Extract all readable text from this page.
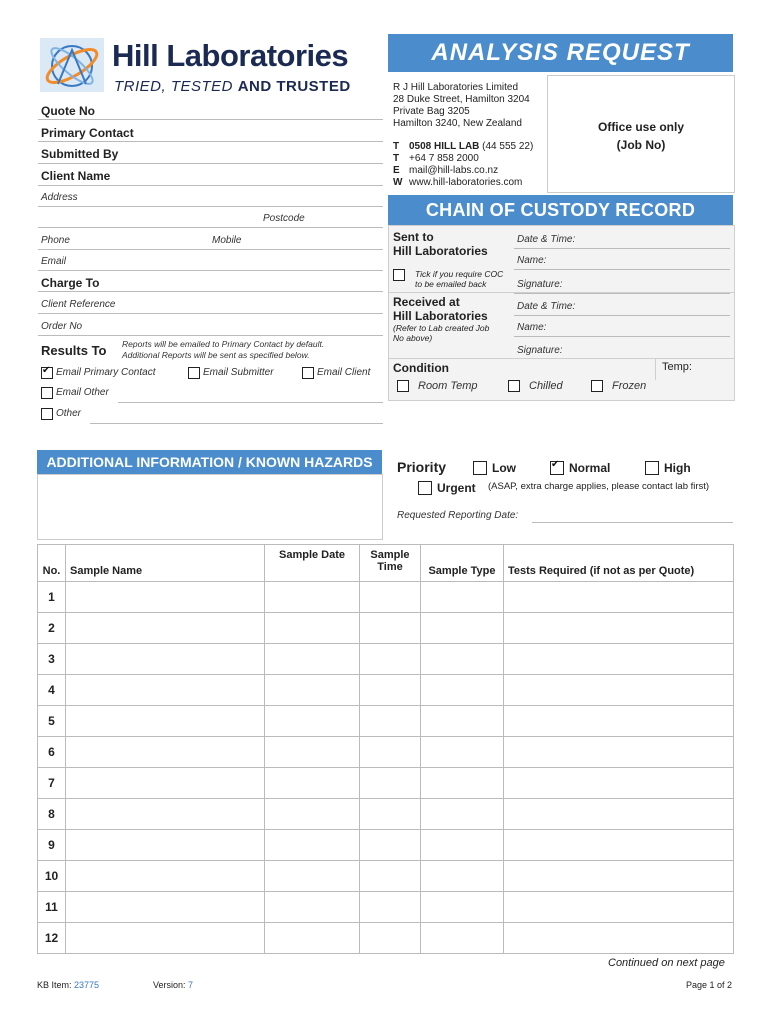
Hill Laboratories
TRIED, TESTED AND TRUSTED
ANALYSIS REQUEST
R J Hill Laboratories Limited
28 Duke Street, Hamilton 3204
Private Bag 3205
Hamilton 3240, New Zealand
T 0508 HILL LAB (44 555 22)
T +64 7 858 2000
E mail@hill-labs.co.nz
W www.hill-laboratories.com
Office use only
(Job No)
Quote No
Primary Contact
Submitted By
Client Name
Address
Postcode
Phone	Mobile
Email
Charge To
Client Reference
Order No
Results To Reports will be emailed to Primary Contact by default.
Additional Reports will be sent as specified below.
✔
Email Primary Contact	Email Submitter	Email Client
Email Other
Other
CHAIN OF CUSTODY RECORD
Sent to
Hill Laboratories
Date & Time:
Name:
Tick if you require COC
to be emailed back	Signature:
Received at
Hill Laboratories
(Refer to Lab created Job
No above)
Date & Time:
Name:
Signature:
Condition	Temp:
Room Temp	Chilled	Frozen
ADDITIONAL INFORMATION / KNOWN HAZARDS	Priority	Low ✔	Normal	High
Urgent (ASAP, extra charge applies, please contact lab first)
Requested Reporting Date:
No.	Sample Name	Sample Date	Sample Time	Sample Type	Tests Required (if not as per Quote)
1					
2					
3					
4					
5					
6					
7					
8					
9					
10					
11					
12					
Continued on next page
KB Item: 23775	Version: 7	Page 1 of 2
